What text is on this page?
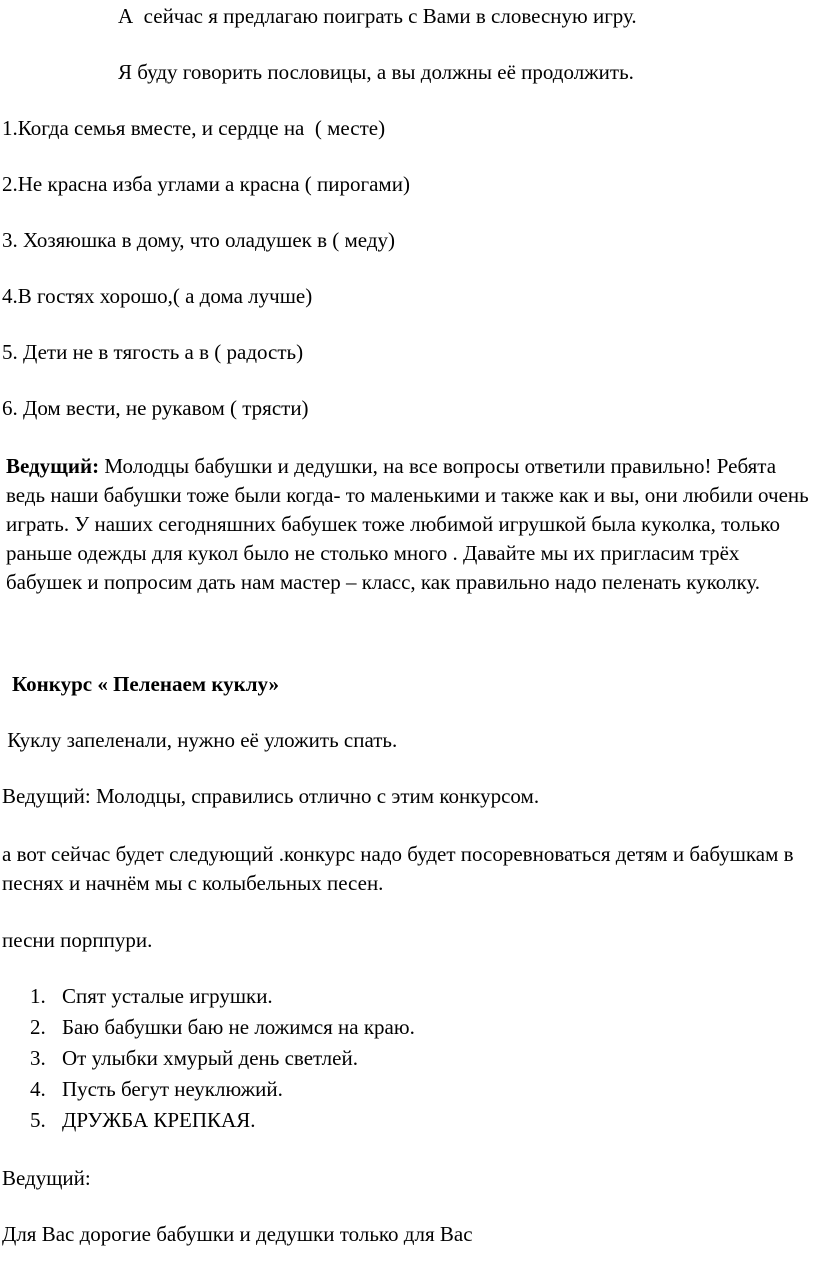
А  сейчас я предлагаю поиграть с Вами в словесную игру.
Я буду говорить пословицы, а вы должны её продолжить.
1.Когда семья вместе, и сердце на  ( месте)
2.Не красна изба углами а красна ( пирогами)
3. Хозяюшка в дому, что оладушек в ( меду)
4.В гостях хорошо,( а дома лучше)
5. Дети не в тягость а в ( радость)
6. Дом вести, не рукавом ( трясти)
Ведущий: Молодцы бабушки и дедушки, на все вопросы ответили правильно! Ребята ведь наши бабушки тоже были когда- то маленькими и также как и вы, они любили очень играть. У наших сегодняшних бабушек тоже любимой игрушкой была куколка, только раньше одежды для кукол было не столько много . Давайте мы их пригласим трёх бабушек и попросим дать нам мастер – класс, как правильно надо пеленать куколку.
Конкурс « Пеленаем куклу»
Куклу запеленали, нужно её уложить спать.
Ведущий: Молодцы, справились отлично с этим конкурсом.
а вот сейчас будет следующий .конкурс надо будет посоревноваться детям и бабушкам в песнях и начнём мы с колыбельных песен.
песни порппури.
1. Спят усталые игрушки.
2. Баю бабушки баю не ложимся на краю.
3. От улыбки хмурый день светлей.
4. Пусть бегут неуклюжий.
5. ДРУЖБА КРЕПКАЯ.
Ведущий:
Для Вас дорогие бабушки и дедушки только для Вас
